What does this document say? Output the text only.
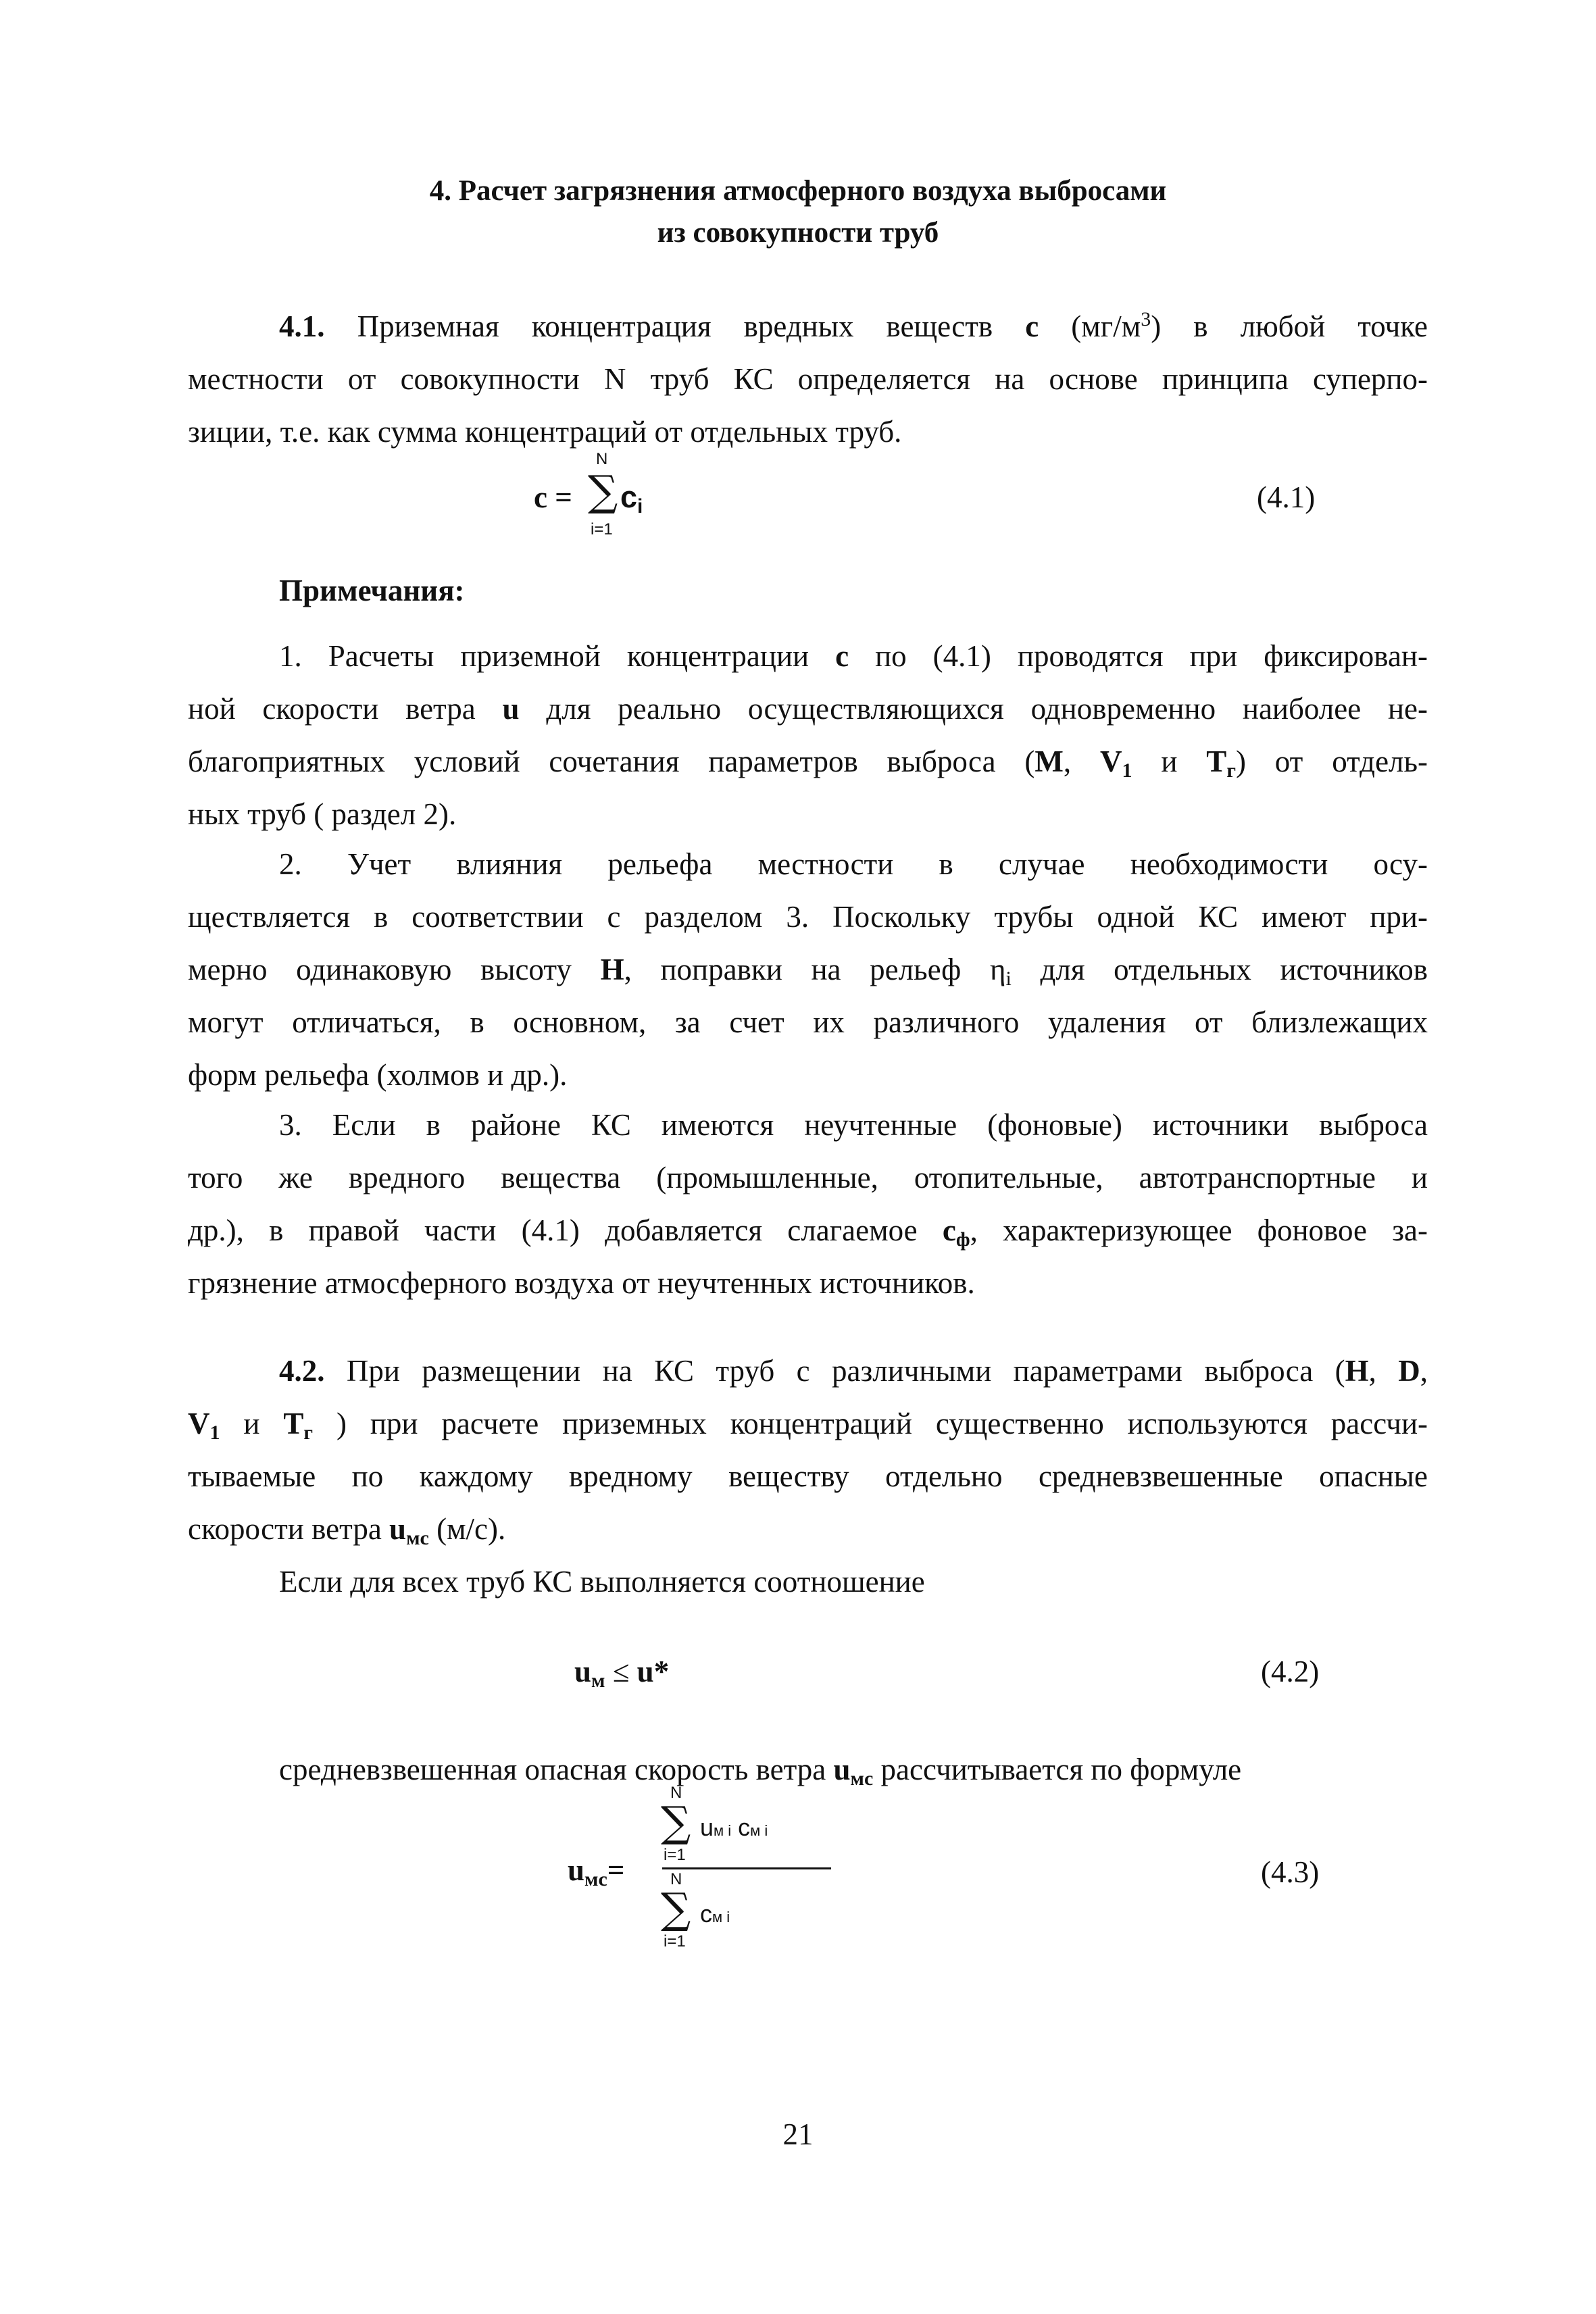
4. Расчет загрязнения атмосферного воздуха выбросами
из совокупности труб
4.1. Приземная концентрация вредных веществ c $(мг/м^3)$ в любой точке
местности от совокупности N труб КС определяется на основе принципа суперпо-
зиции, т.е. как сумма концентраций от отдельных труб.
c =
N
∑
i=1
ci	(4.1)
Примечания:
1. Расчеты приземной концентрации c по (4.1) проводятся при фиксирован-
ной скорости ветра u для реально осуществляющихся одновременно наиболее не-
благоприятных условий сочетания параметров выброса (M, V1 и Tг) от отдель-
ных труб ( раздел 2).
2. Учет влияния рельефа местности в случае необходимости осу-
ществляется в соответствии с разделом 3. Поскольку трубы одной КС имеют при-
мерно одинаковую высоту H, поправки на рельеф ηi для отдельных источников
могут отличаться, в основном, за счет их различного удаления от близлежащих
форм рельефа (холмов и др.).
3. Если в районе КС имеются неучтенные (фоновые) источники выброса
того же вредного вещества (промышленные, отопительные, автотранспортные и
др.), в правой части (4.1) добавляется слагаемое cф, характеризующее фоновое за-
грязнение атмосферного воздуха от неучтенных источников.
4.2. При размещении на КС труб с различными параметрами выброса (H, D,
V1 и Tг ) при расчете приземных концентраций существенно используются рассчи-
тываемые по каждому вредному веществу отдельно средневзвешенные опасные
скорости ветра uмс (м/с).
Если для всех труб КС выполняется соотношение
uм ≤ u*	(4.2)
средневзвешенная опасная скорость ветра uмс рассчитывается по формуле
uмс=
N
∑
i=1
uм i cм i
N
∑
i=1
cм i
(4.3)
21
